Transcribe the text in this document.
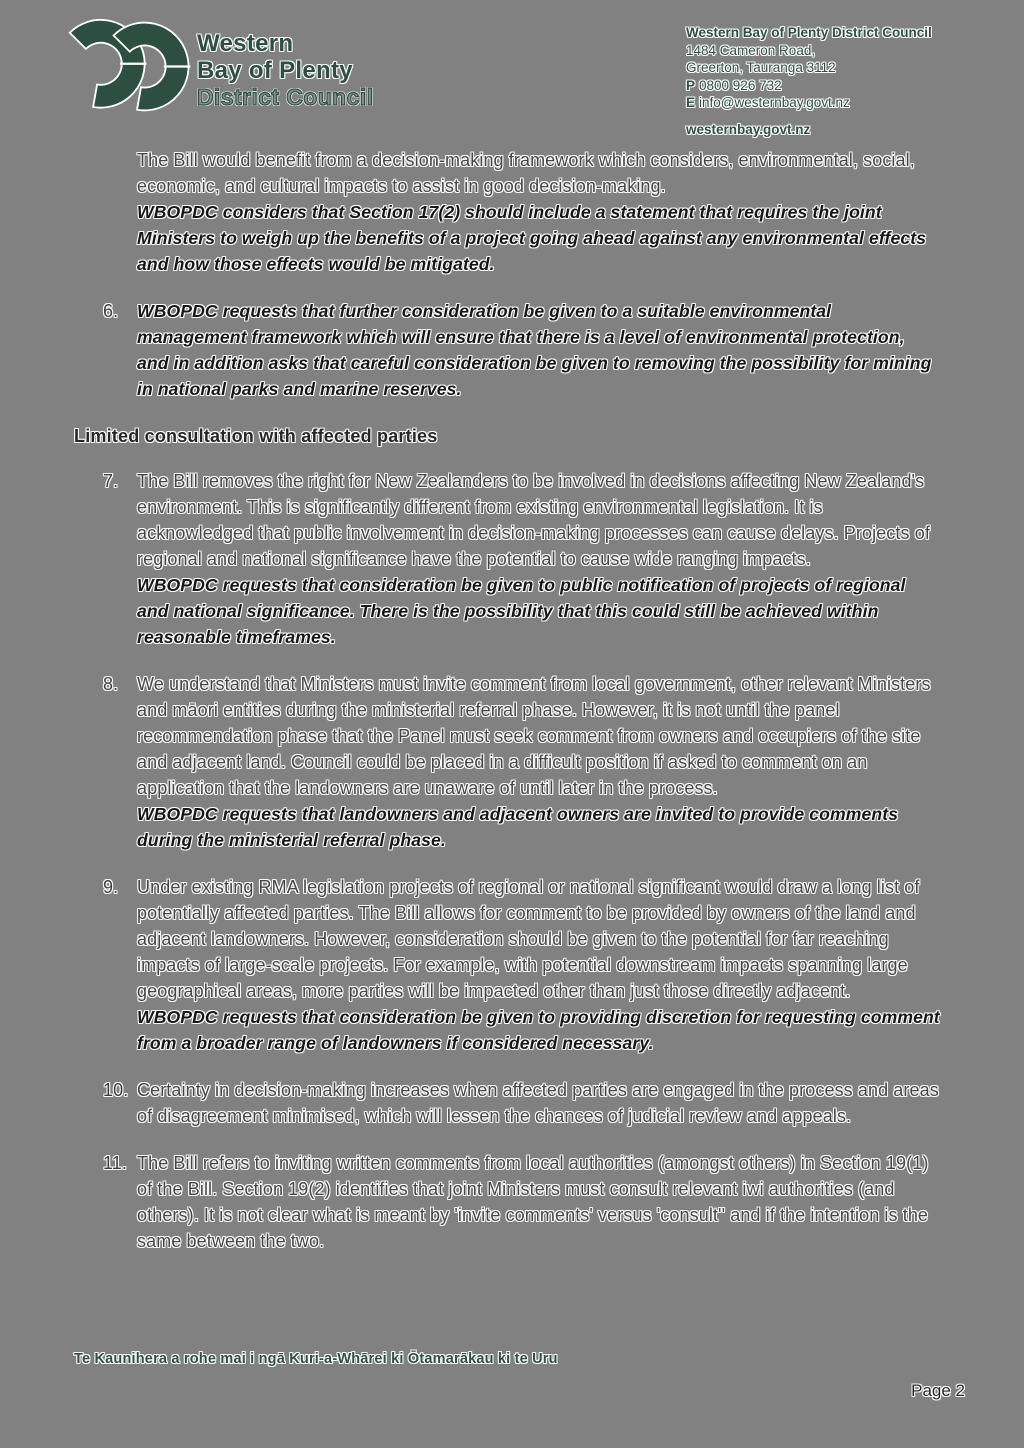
Western
Bay of Plenty
District Council
Western Bay of Plenty District Council
1484 Cameron Road,
Greerton, Tauranga 3112
P 0800 926 732
E info@westernbay.govt.nz
westernbay.govt.nz

The Bill would benefit from a decision-making framework which considers, environmental, social, economic, and cultural impacts to assist in good decision-making.

WBOPDC considers that Section 17(2) should include a statement that requires the joint Ministers to weigh up the benefits of a project going ahead against any environmental effects and how those effects would be mitigated.

6.	WBOPDC requests that further consideration be given to a suitable environmental management framework which will ensure that there is a level of environmental protection, and in addition asks that careful consideration be given to removing the possibility for mining in national parks and marine reserves.

Limited consultation with affected parties
7.	The Bill removes the right for New Zealanders to be involved in decisions affecting New Zealand's environment. This is significantly different from existing environmental legislation. It is acknowledged that public involvement in decision-making processes can cause delays. Projects of regional and national significance have the potential to cause wide ranging impacts.

WBOPDC requests that consideration be given to public notification of projects of regional and national significance. There is the possibility that this could still be achieved within reasonable timeframes.

8.	We understand that Ministers must invite comment from local government, other relevant Ministers and māori entities during the ministerial referral phase. However, it is not until the panel recommendation phase that the Panel must seek comment from owners and occupiers of the site and adjacent land. Council could be placed in a difficult position if asked to comment on an application that the landowners are unaware of until later in the process.

WBOPDC requests that landowners and adjacent owners are invited to provide comments during the ministerial referral phase.

9.	Under existing RMA legislation projects of regional or national significant would draw a long list of potentially affected parties. The Bill allows for comment to be provided by owners of the land and adjacent landowners. However, consideration should be given to the potential for far reaching impacts of large-scale projects. For example, with potential downstream impacts spanning large geographical areas, more parties will be impacted other than just those directly adjacent.

WBOPDC requests that consideration be given to providing discretion for requesting comment from a broader range of landowners if considered necessary.

10. Certainty in decision-making increases when affected parties are engaged in the process and areas of disagreement minimised, which will lessen the chances of judicial review and appeals.

11. The Bill refers to inviting written comments from local authorities (amongst others) in Section 19(1) of the Bill. Section 19(2) identifies that joint Ministers must consult relevant iwi authorities (and others). It is not clear what is meant by 'invite comments' versus 'consult'' and if the intention is the same between the two.

Te Kaunihera a rohe mai i ngā Kuri-a-Whārei ki Ōtamarākau ki te Uru
Page 2
